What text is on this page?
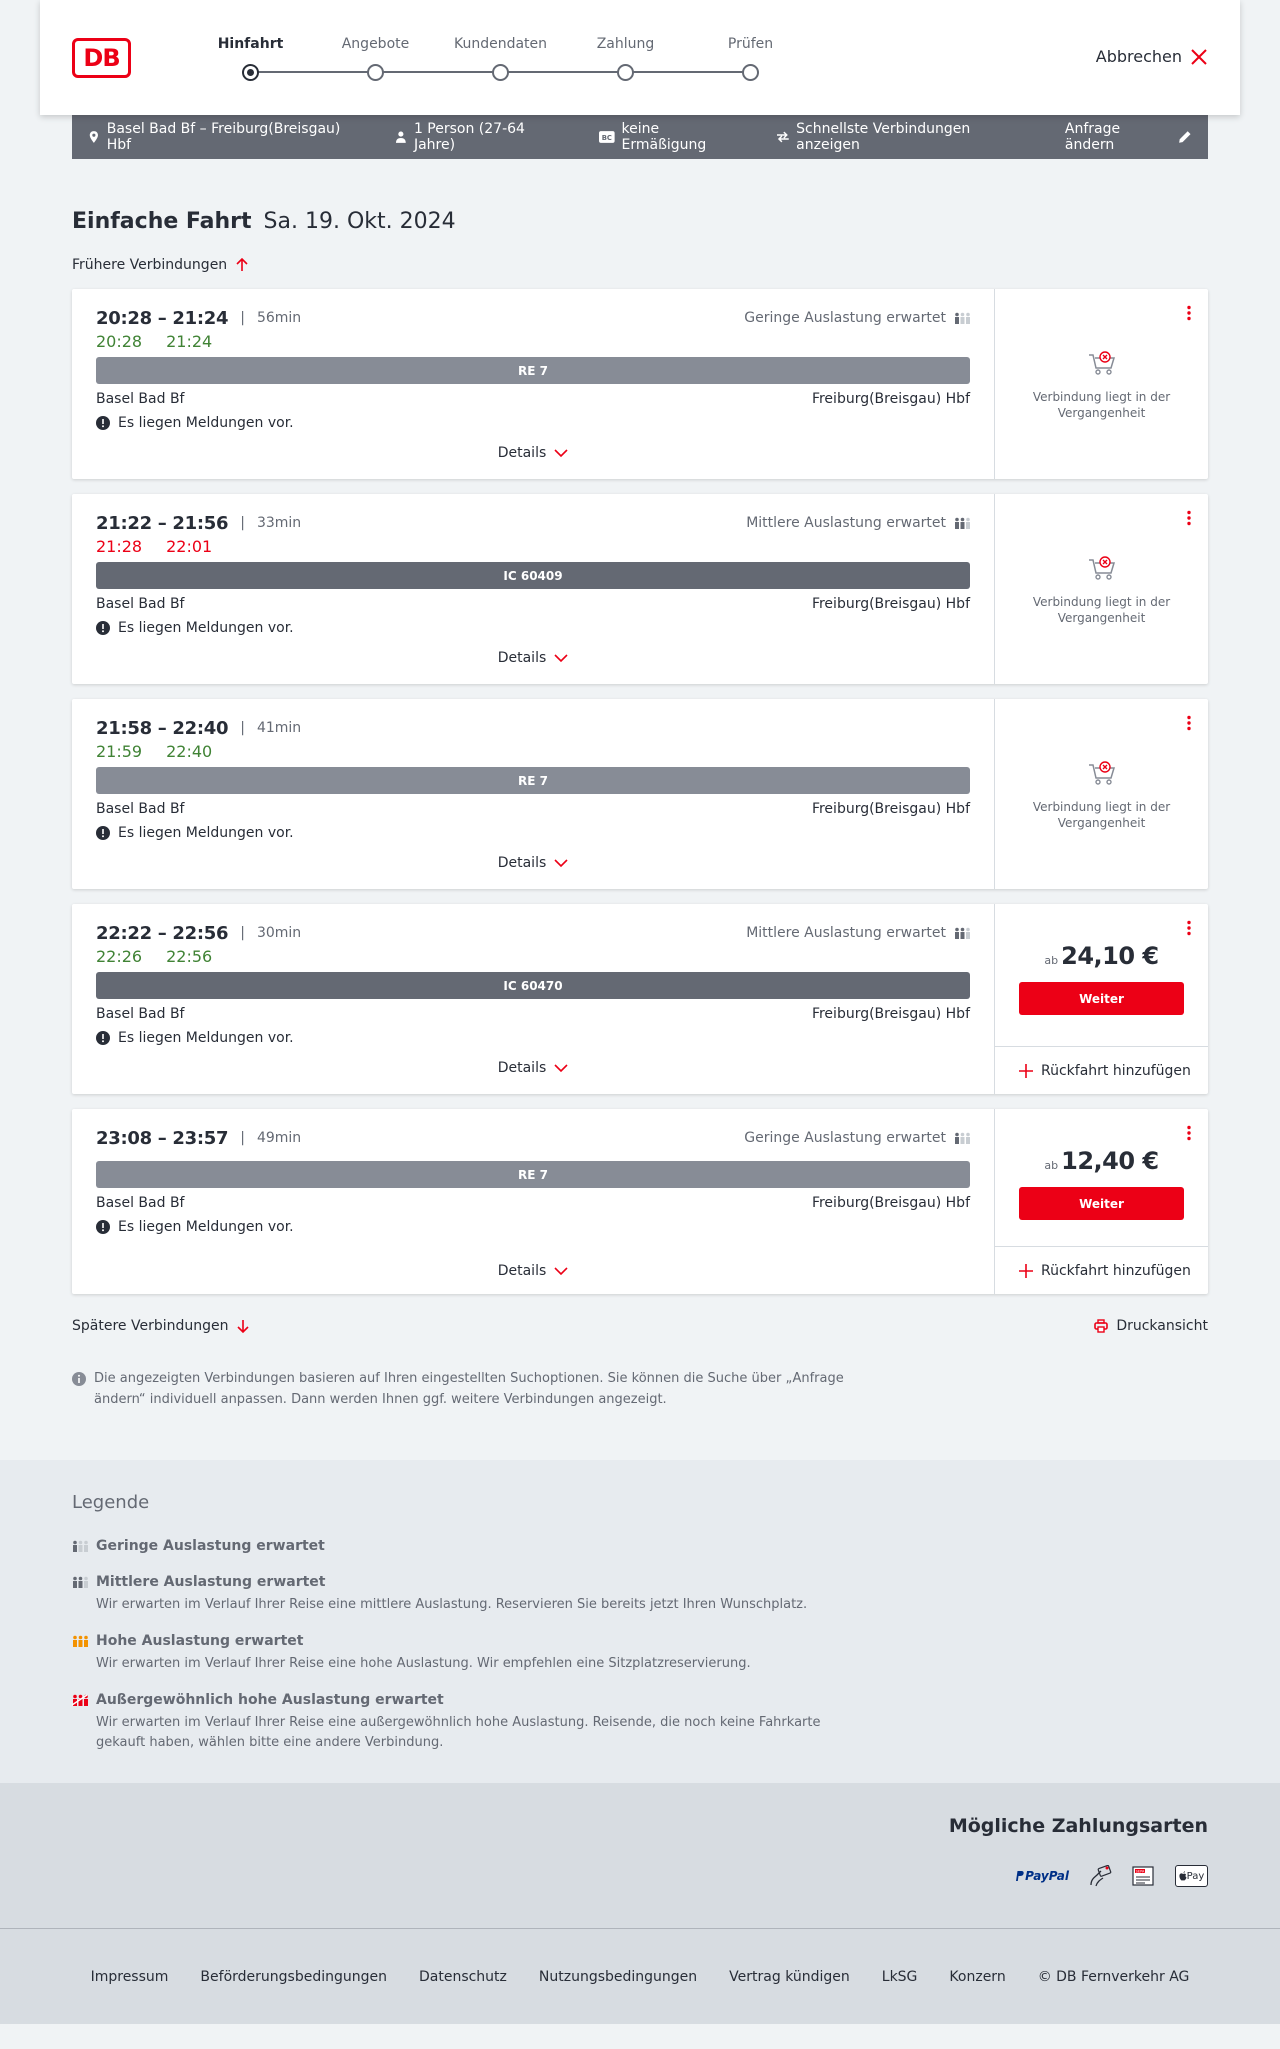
DB	Hinfahrt	Angebote	Kundendaten	Zahlung	Prüfen
Abbrechen
Basel Bad Bf – Freiburg(Breisgau) Hbf
1 Person (27-64 Jahre)	BC
keine Ermäßigung
Schnellste Verbindungen anzeigen
Anfrage ändern
Einfache Fahrt Sa. 19. Okt. 2024
Frühere Verbindungen
20:28 – 21:24 | 56min	Geringe Auslastung erwartet
20:28 21:24
RE 7
Basel Bad Bf	Freiburg(Breisgau) Hbf
Es liegen Meldungen vor.
Details
Verbindung liegt in der
Vergangenheit
21:22 – 21:56 | 33min	Mittlere Auslastung erwartet
21:28 22:01
IC 60409
Basel Bad Bf	Freiburg(Breisgau) Hbf
Es liegen Meldungen vor.
Details
Verbindung liegt in der
Vergangenheit
21:58 – 22:40 | 41min
21:59 22:40
RE 7
Basel Bad Bf	Freiburg(Breisgau) Hbf
Es liegen Meldungen vor.
Details
Verbindung liegt in der
Vergangenheit
22:22 – 22:56 | 30min	Mittlere Auslastung erwartet
22:26 22:56
IC 60470
Basel Bad Bf	Freiburg(Breisgau) Hbf
Es liegen Meldungen vor.
Details
ab 24,10 €
Weiter
Rückfahrt hinzufügen
23:08 – 23:57 | 49min	Geringe Auslastung erwartet
RE 7
Basel Bad Bf	Freiburg(Breisgau) Hbf
Es liegen Meldungen vor.
Details
ab 12,40 €
Weiter
Rückfahrt hinzufügen
Spätere Verbindungen	Druckansicht
Die angezeigten Verbindungen basieren auf Ihren eingestellten Suchoptionen. Sie können die Suche über „Anfrage ändern“ individuell anpassen. Dann werden Ihnen ggf. weitere Verbindungen angezeigt.
Legende
Geringe Auslastung erwartet
Mittlere Auslastung erwartet
Wir erwarten im Verlauf Ihrer Reise eine mittlere Auslastung. Reservieren Sie bereits jetzt Ihren Wunschplatz.
Hohe Auslastung erwartet
Wir erwarten im Verlauf Ihrer Reise eine hohe Auslastung. Wir empfehlen eine Sitzplatzreservierung.
Außergewöhnlich hohe Auslastung erwartet
Wir erwarten im Verlauf Ihrer Reise eine außergewöhnlich hohe Auslastung. Reisende, die noch keine Fahrkarte gekauft haben, wählen bitte eine andere Verbindung.
Mögliche Zahlungsarten
PayPal	SEPA	Pay
Impressum Beförderungsbedingungen Datenschutz Nutzungsbedingungen Vertrag kündigen LkSG Konzern © DB Fernverkehr AG
